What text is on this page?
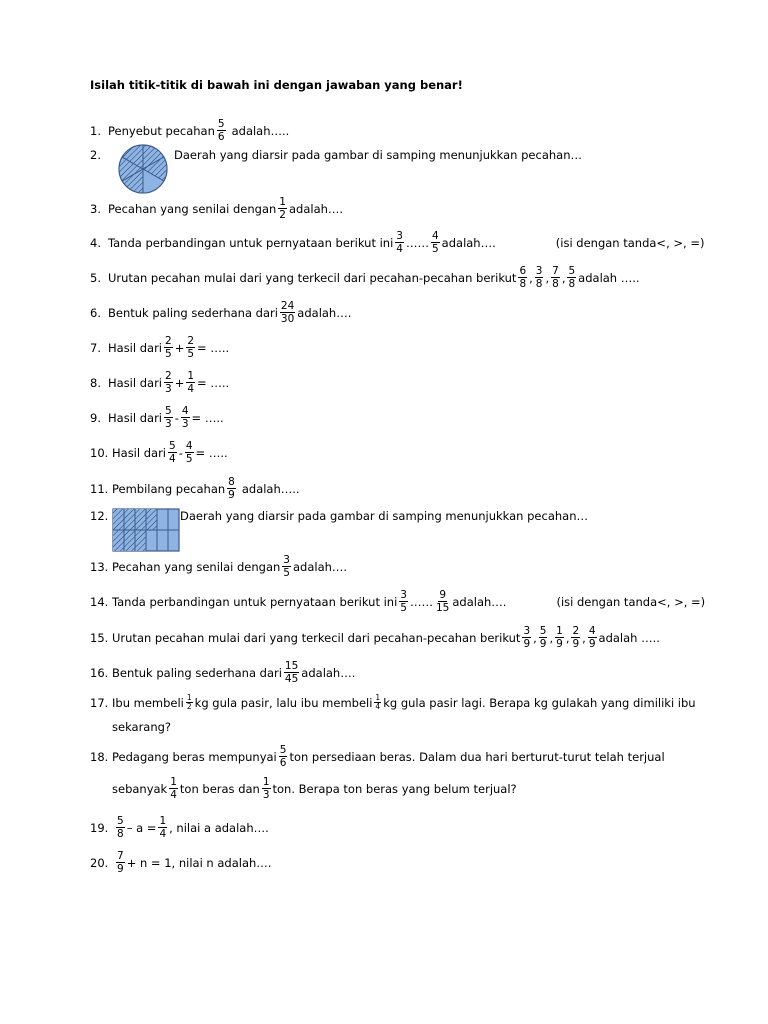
Isilah titik-titik di bawah ini dengan jawaban yang benar!
1. Penyebut pecahan $\frac{5}{6}$ adalah…..
2.	Daerah yang diarsir pada gambar di samping menunjukkan pecahan…
3. Pecahan yang senilai dengan $\frac{1}{2}$ adalah….
4. Tanda perbandingan untuk pernyataan berikut ini $\frac{3}{4}$ …… $\frac{4}{5}$ adalah….	(isi dengan tanda<, >, =)
5. Urutan pecahan mulai dari yang terkecil dari pecahan-pecahan berikut $\frac{6}{8}$ , $\frac{3}{8}$ , $\frac{7}{8}$ , $\frac{5}{8}$ adalah …..
6. Bentuk paling sederhana dari $\frac{24}{30}$ adalah….
7. Hasil dari $\frac{2}{5} + \frac{2}{5}$ = …..
8. Hasil dari $\frac{2}{3} + \frac{1}{4}$ = …..
9. Hasil dari $\frac{5}{3} - \frac{4}{3}$ = …..
10. Hasil dari $\frac{5}{4} - \frac{4}{5}$ = …..
11. Pembilang pecahan $\frac{8}{9}$ adalah…..
12.	Daerah yang diarsir pada gambar di samping menunjukkan pecahan…
13. Pecahan yang senilai dengan $\frac{3}{5}$ adalah….
14. Tanda perbandingan untuk pernyataan berikut ini $\frac{3}{5}$ …… $\frac{9}{15}$ adalah….	(isi dengan tanda<, >, =)
15. Urutan pecahan mulai dari yang terkecil dari pecahan-pecahan berikut $\frac{3}{9}$ , $\frac{5}{9}$ , $\frac{1}{9}$ , $\frac{2}{9}$ , $\frac{4}{9}$ adalah …..
16. Bentuk paling sederhana dari $\frac{15}{45}$ adalah….
17. Ibu membeli $\frac{1}{2}$ kg gula pasir, lalu ibu membeli $\frac{1}{4}$ kg gula pasir lagi. Berapa kg gulakah yang dimiliki ibu
sekarang?
18. Pedagang beras mempunyai $\frac{5}{6}$ ton persediaan beras. Dalam dua hari berturut-turut telah terjual
sebanyak $\frac{1}{4}$ ton beras dan $\frac{1}{3}$ ton. Berapa ton beras yang belum terjual?
19. $\frac{5}{8} - a = \frac{1}{4}$ , nilai a adalah….
20. $\frac{7}{9} + n = 1$, nilai n adalah….
